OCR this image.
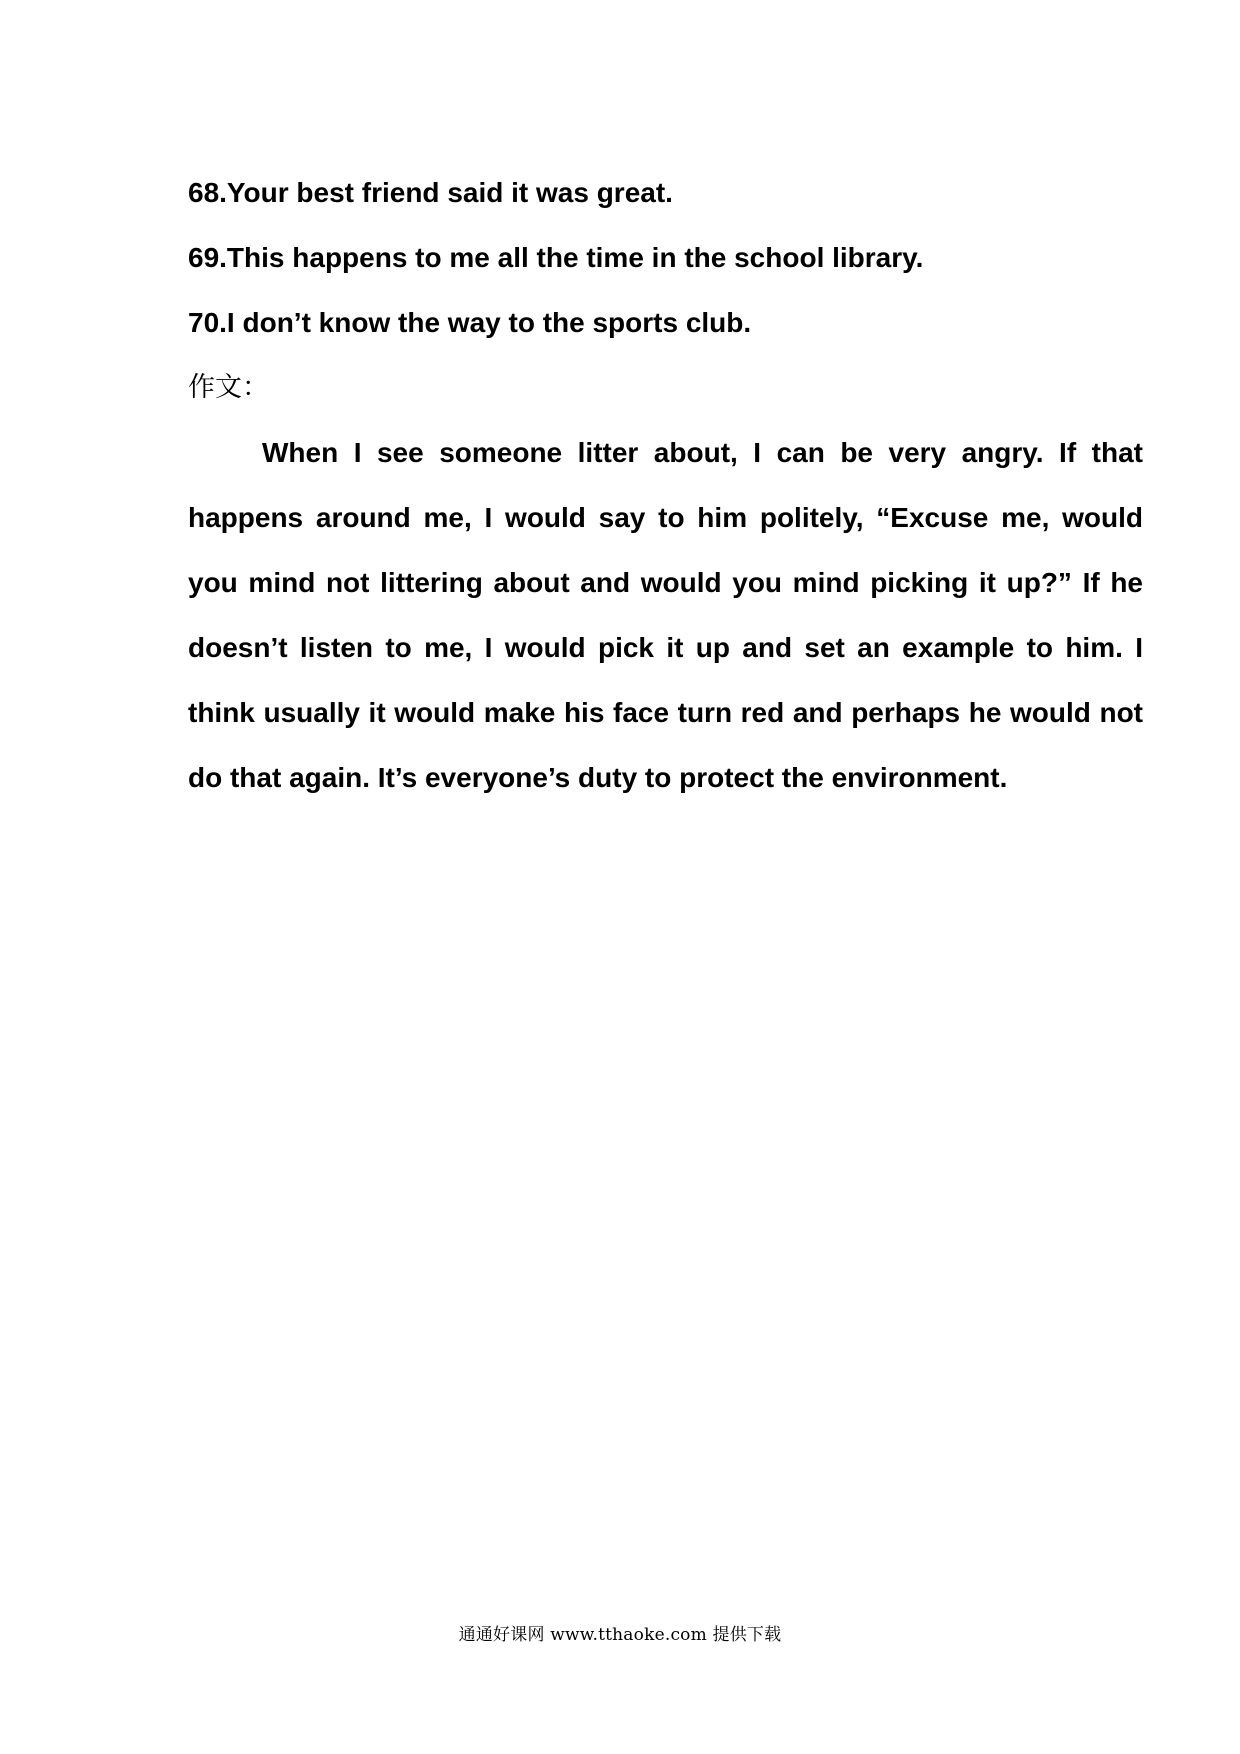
68.Your best friend said it was great.
69.This happens to me all the time in the school library.
70.I don’t know the way to the sports club.
作文：

When I see someone litter about, I can be very angry. If that happens around me, I would say to him politely, “Excuse me, would you mind not littering about and would you mind picking it up?” If he doesn’t listen to me, I would pick it up and set an example to him. I think usually it would make his face turn red and perhaps he would not do that again. It’s everyone’s duty to protect the environment.

通通好课网 www.tthaoke.com 提供下载
